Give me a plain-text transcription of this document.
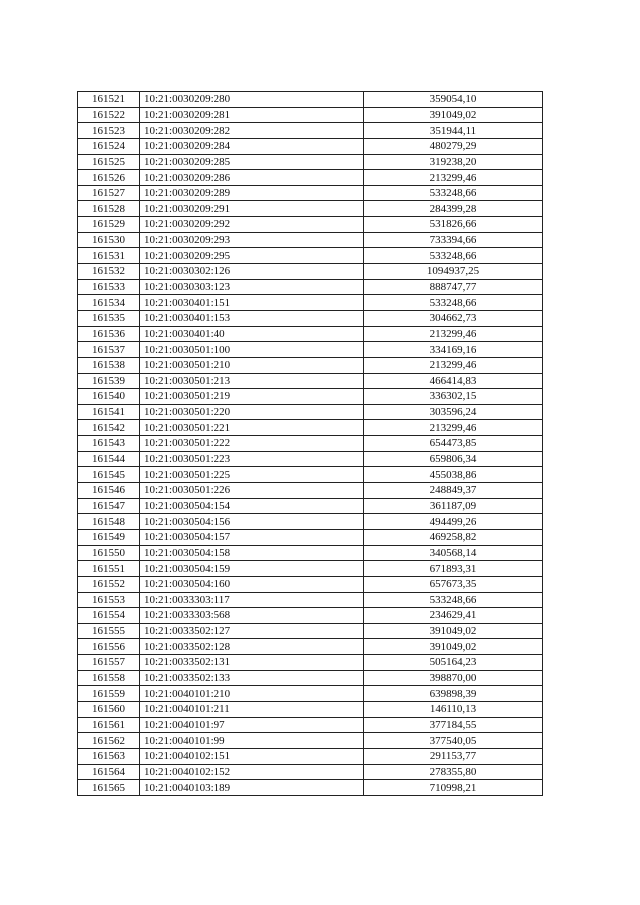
161521	10:21:0030209:280	359054,10
161522	10:21:0030209:281	391049,02
161523	10:21:0030209:282	351944,11
161524	10:21:0030209:284	480279,29
161525	10:21:0030209:285	319238,20
161526	10:21:0030209:286	213299,46
161527	10:21:0030209:289	533248,66
161528	10:21:0030209:291	284399,28
161529	10:21:0030209:292	531826,66
161530	10:21:0030209:293	733394,66
161531	10:21:0030209:295	533248,66
161532	10:21:0030302:126	1094937,25
161533	10:21:0030303:123	888747,77
161534	10:21:0030401:151	533248,66
161535	10:21:0030401:153	304662,73
161536	10:21:0030401:40	213299,46
161537	10:21:0030501:100	334169,16
161538	10:21:0030501:210	213299,46
161539	10:21:0030501:213	466414,83
161540	10:21:0030501:219	336302,15
161541	10:21:0030501:220	303596,24
161542	10:21:0030501:221	213299,46
161543	10:21:0030501:222	654473,85
161544	10:21:0030501:223	659806,34
161545	10:21:0030501:225	455038,86
161546	10:21:0030501:226	248849,37
161547	10:21:0030504:154	361187,09
161548	10:21:0030504:156	494499,26
161549	10:21:0030504:157	469258,82
161550	10:21:0030504:158	340568,14
161551	10:21:0030504:159	671893,31
161552	10:21:0030504:160	657673,35
161553	10:21:0033303:117	533248,66
161554	10:21:0033303:568	234629,41
161555	10:21:0033502:127	391049,02
161556	10:21:0033502:128	391049,02
161557	10:21:0033502:131	505164,23
161558	10:21:0033502:133	398870,00
161559	10:21:0040101:210	639898,39
161560	10:21:0040101:211	146110,13
161561	10:21:0040101:97	377184,55
161562	10:21:0040101:99	377540,05
161563	10:21:0040102:151	291153,77
161564	10:21:0040102:152	278355,80
161565	10:21:0040103:189	710998,21
